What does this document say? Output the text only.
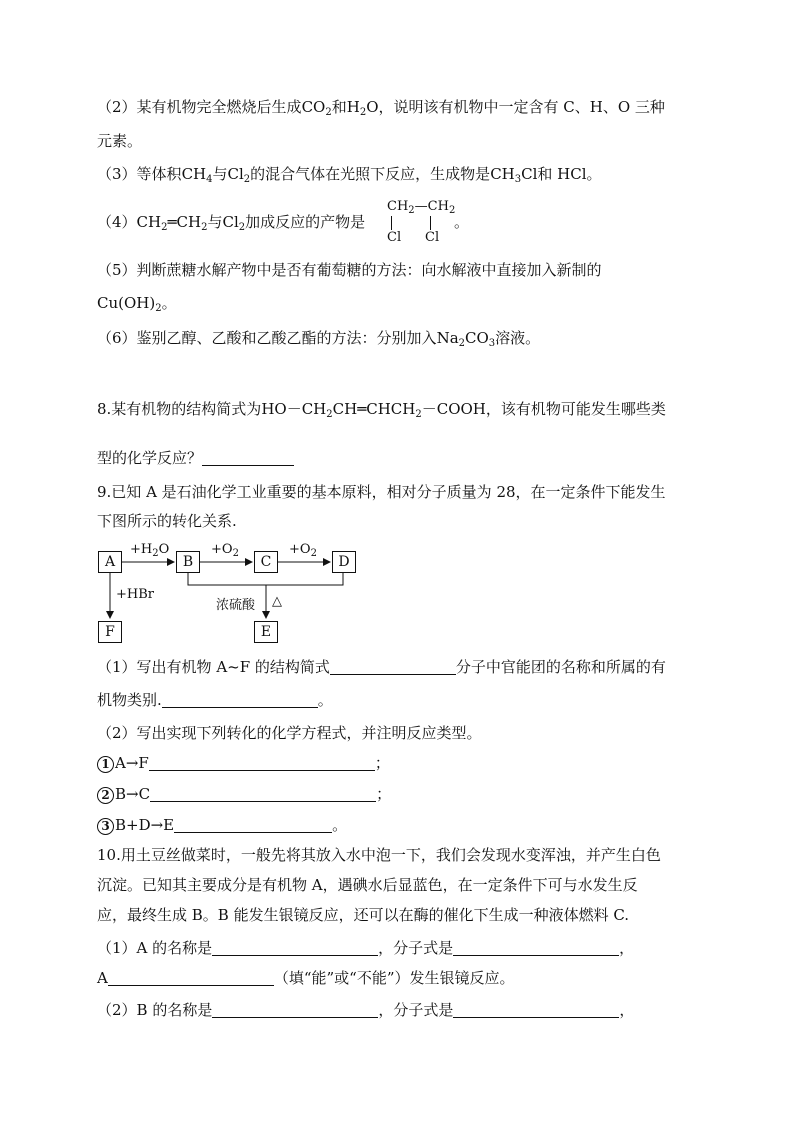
（2）某有机物完全燃烧后生成$CO_2$和$H_2O$，说明该有机物中一定含有 C、H、O 三种
元素。
（3）等体积$CH_4$与$Cl_2$的混合气体在光照下反应，生成物是$CH_3Cl$和 HCl。
$(4)CH_2═CH_2$与$Cl_2$加成反应的产物是
$CH_2—CH_2$
Cl Cl
。
（5）判断蔗糖水解产物中是否有葡萄糖的方法：向水解液中直接加入新制的
$Cu(OH)_2$。
（6）鉴别乙醇、乙酸和乙酸乙酯的方法：分别加入$Na_2CO_3$溶液。
8.某有机物的结构简式为$HO-CH_2CH═CHCH_2-COOH$，该有机物可能发生哪些类
型的化学反应？
9.已知 A 是石油化学工业重要的基本原料，相对分子质量为 28，在一定条件下能发生
下图所示的转化关系.
A	B	C	D
F	E
$+H_2O$	$+O_2$	$+O_2$
+HBr
浓硫酸 △
（1）写出有机物 A~F 的结构简式	分子中官能团的名称和所属的有
机物类别.	。
（2）写出实现下列转化的化学方程式，并注明反应类型。
1 A→F	；
2 B→C	；
3 B+D→E	。
10.用土豆丝做菜时，一般先将其放入水中泡一下，我们会发现水变浑浊，并产生白色
沉淀。已知其主要成分是有机物 A，遇碘水后显蓝色，在一定条件下可与水发生反
应，最终生成 B。B 能发生银镜反应，还可以在酶的催化下生成一种液体燃料 C.
（1）A 的名称是	，分子式是	，
A	（填“能”或“不能”）发生银镜反应。
（2）B 的名称是	，分子式是	，
